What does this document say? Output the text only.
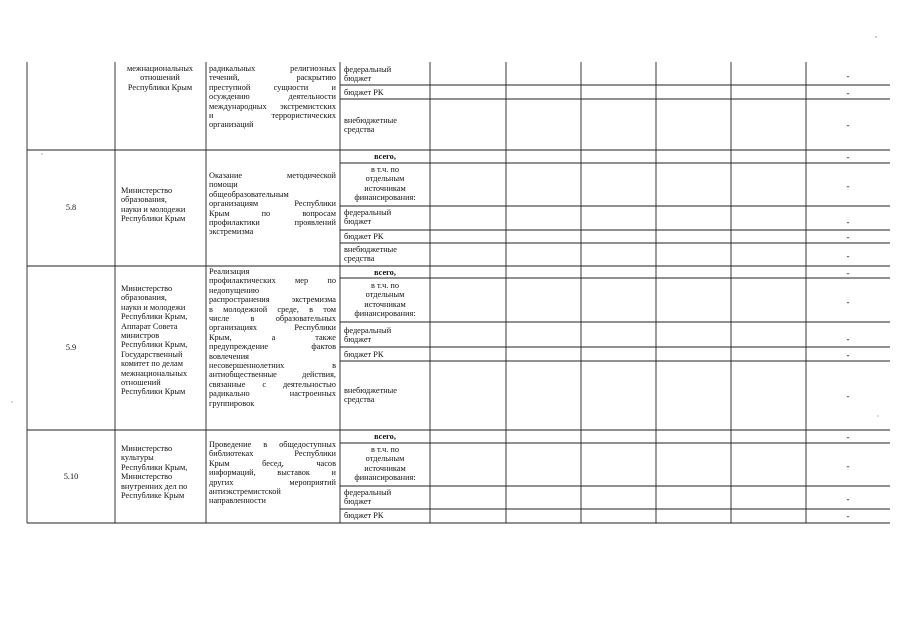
межнациональных
отношений
Республики Крым
радикальных религиозных
течений, раскрытию
преступной сущности и
осуждению деятельности
международных экстремистских
и террористических
организаций
федеральный
бюджет
бюджет РК
внебюджетные
средства
-
-
-
5.8
Министерство
образования,
науки и молодежи
Республики Крым
Оказание методической
помощи
общеобразовательным
организациям Республики
Крым по вопросам
профилактики проявлений
экстремизма
всего,
в т.ч. по
отдельным
источникам
финансирования:
федеральный
бюджет
бюджет РК
внебюджетные
средства
-
-
-
-
-
5.9
Министерство
образования,
науки и молодежи
Республики Крым,
Аппарат Совета
министров
Республики Крым,
Государственный
комитет по делам
межнациональных
отношений
Республики Крым
Реализация
профилактических мер по
недопущению
распространения экстремизма
в молодежной среде, в том
числе в образовательных
организациях Республики
Крым, а также
предупреждение фактов
вовлечения
несовершеннолетних в
антиобщественные действия,
связанные с деятельностью
радикально настроенных
группировок
всего,
в т.ч. по
отдельным
источникам
финансирования:
федеральный
бюджет
бюджет РК
внебюджетные
средства
-
-
-
-
-
5.10
Министерство
культуры
Республики Крым,
Министерство
внутренних дел по
Республике Крым
Проведение в общедоступных
библиотеках Республики
Крым бесед, часов
информаций, выставок и
других мероприятий
антиэкстремистской
направленности
всего,
в т.ч. по
отдельным
источникам
финансирования:
федеральный
бюджет
бюджет РК
-
-
-
-
